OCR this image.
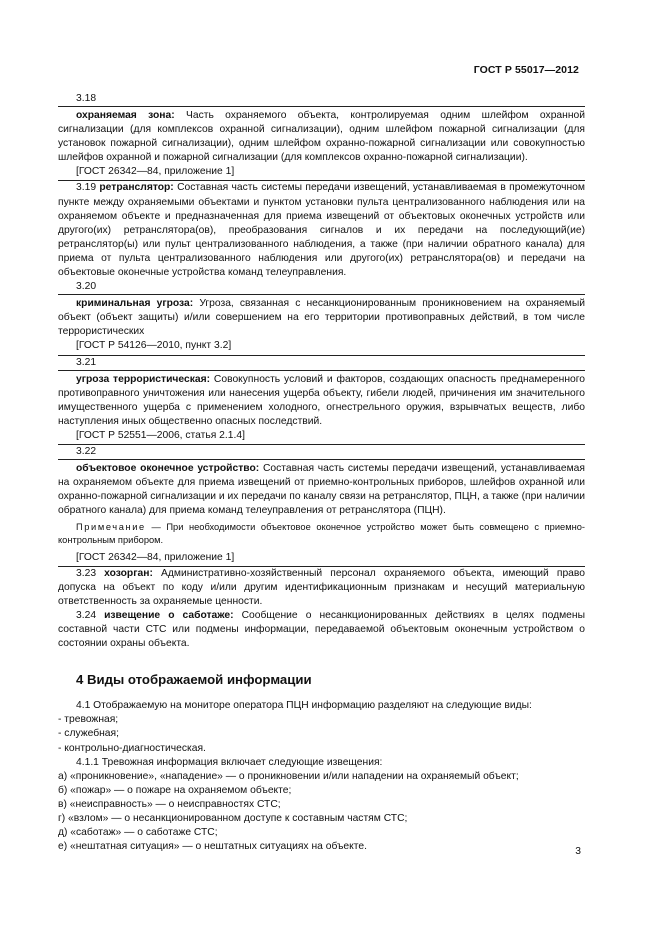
ГОСТ Р 55017—2012

3.18

охраняемая зона: Часть охраняемого объекта, контролируемая одним шлейфом охранной сигнализации (для комплексов охранной сигнализации), одним шлейфом пожарной сигнализации (для установок пожарной сигнализации), одним шлейфом охранно-пожарной сигнализации или совокупностью шлейфов охранной и пожарной сигнализации (для комплексов охранно-пожарной сигнализации).

[ГОСТ 26342—84, приложение 1]

3.19 ретранслятор: Составная часть системы передачи извещений, устанавливаемая в промежуточном пункте между охраняемыми объектами и пунктом установки пульта централизованного наблюдения или на охраняемом объекте и предназначенная для приема извещений от объектовых оконечных устройств или другого(их) ретранслятора(ов), преобразования сигналов и их передачи на последующий(ие) ретранслятор(ы) или пульт централизованного наблюдения, а также (при наличии обратного канала) для приема от пульта централизованного наблюдения или другого(их) ретранслятора(ов) и передачи на объектовые оконечные устройства команд телеуправления.

3.20

криминальная угроза: Угроза, связанная с несанкционированным проникновением на охраняемый объект (объект защиты) и/или совершением на его территории противоправных действий, в том числе террористических

[ГОСТ Р 54126—2010, пункт 3.2]

3.21

угроза террористическая: Совокупность условий и факторов, создающих опасность преднамеренного противоправного уничтожения или нанесения ущерба объекту, гибели людей, причинения им значительного имущественного ущерба с применением холодного, огнестрельного оружия, взрывчатых веществ, либо наступления иных общественно опасных последствий.

[ГОСТ Р 52551—2006, статья 2.1.4]

3.22

объектовое оконечное устройство: Составная часть системы передачи извещений, устанавливаемая на охраняемом объекте для приема извещений от приемно-контрольных приборов, шлейфов охранной или охранно-пожарной сигнализации и их передачи по каналу связи на ретранслятор, ПЦН, а также (при наличии обратного канала) для приема команд телеуправления от ретранслятора (ПЦН).

Примечание — При необходимости объектовое оконечное устройство может быть совмещено с приемно-контрольным прибором.

[ГОСТ 26342—84, приложение 1]

3.23 хозорган: Административно-хозяйственный персонал охраняемого объекта, имеющий право допуска на объект по коду и/или другим идентификационным признакам и несущий материальную ответственность за охраняемые ценности.

3.24 извещение о саботаже: Сообщение о несанкционированных действиях в целях подмены составной части СТС или подмены информации, передаваемой объектовым оконечным устройством о состоянии охраны объекта.

4 Виды отображаемой информации

4.1 Отображаемую на мониторе оператора ПЦН информацию разделяют на следующие виды:

- тревожная;

- служебная;

- контрольно-диагностическая.

4.1.1 Тревожная информация включает следующие извещения:

а) «проникновение», «нападение» — о проникновении и/или нападении на охраняемый объект;

б) «пожар» — о пожаре на охраняемом объекте;

в) «неисправность» — о неисправностях СТС;

г) «взлом» — о несанкционированном доступе к составным частям СТС;

д) «саботаж» — о саботаже СТС;

е) «нештатная ситуация» — о нештатных ситуациях на объекте.	3
